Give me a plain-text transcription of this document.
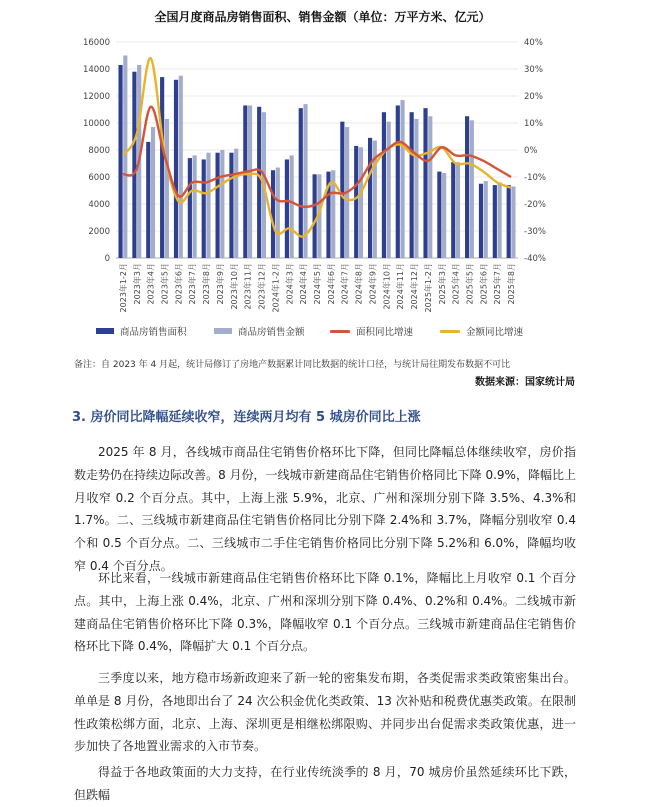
全国月度商品房销售面积、销售金额（单位：万平方米、亿元）
16000	40%
14000	30%
12000	20%
10000	10%
8000	0%
6000	-10%
4000	-20%
2000	-30%
0	-40%
2023年1-2月 2023年3月 2023年4月 2023年5月 2023年6月 2023年7月 2023年8月 2023年9月 2023年10月 2023年11月 2023年12月 2024年1-2月 2024年3月 2024年4月 2024年5月 2024年6月 2024年7月 2024年8月 2024年9月 2024年10月 2024年11月 2024年12月 2025年1-2月 2025年3月 2025年4月 2025年5月 2025年6月 2025年7月 2025年8月
商品房销售面积	商品房销售金额	面积同比增速	金额同比增速
备注：自 2023 年 4 月起，统计局修订了房地产数据累计同比数据的统计口径，与统计局往期发布数据不可比
数据来源：国家统计局
3. 房价同比降幅延续收窄，连续两月均有 5 城房价同比上涨

2025 年 8 月，各线城市商品住宅销售价格环比下降，但同比降幅总体继续收窄，房价指数走势仍在持续边际改善。8 月份，一线城市新建商品住宅销售价格同比下降 0.9%，降幅比上月收窄 0.2 个百分点。其中，上海上涨 5.9%，北京、广州和深圳分别下降 3.5%、4.3%和 1.7%。二、三线城市新建商品住宅销售价格同比分别下降 2.4%和 3.7%，降幅分别收窄 0.4 个和 0.5 个百分点。二、三线城市二手住宅销售价格同比分别下降 5.2%和 6.0%，降幅均收窄 0.4 个百分点。

环比来看，一线城市新建商品住宅销售价格环比下降 0.1%，降幅比上月收窄 0.1 个百分点。其中，上海上涨 0.4%，北京、广州和深圳分别下降 0.4%、0.2%和 0.4%。二线城市新建商品住宅销售价格环比下降 0.3%，降幅收窄 0.1 个百分点。三线城市新建商品住宅销售价格环比下降 0.4%，降幅扩大 0.1 个百分点。

三季度以来，地方稳市场新政迎来了新一轮的密集发布期，各类促需求类政策密集出台。单单是 8 月份，各地即出台了 24 次公积金优化类政策、13 次补贴和税费优惠类政策。在限制性政策松绑方面，北京、上海、深圳更是相继松绑限购、并同步出台促需求类政策优惠，进一步加快了各地置业需求的入市节奏。

得益于各地政策面的大力支持，在行业传统淡季的 8 月，70 城房价虽然延续环比下跌，但跌幅
